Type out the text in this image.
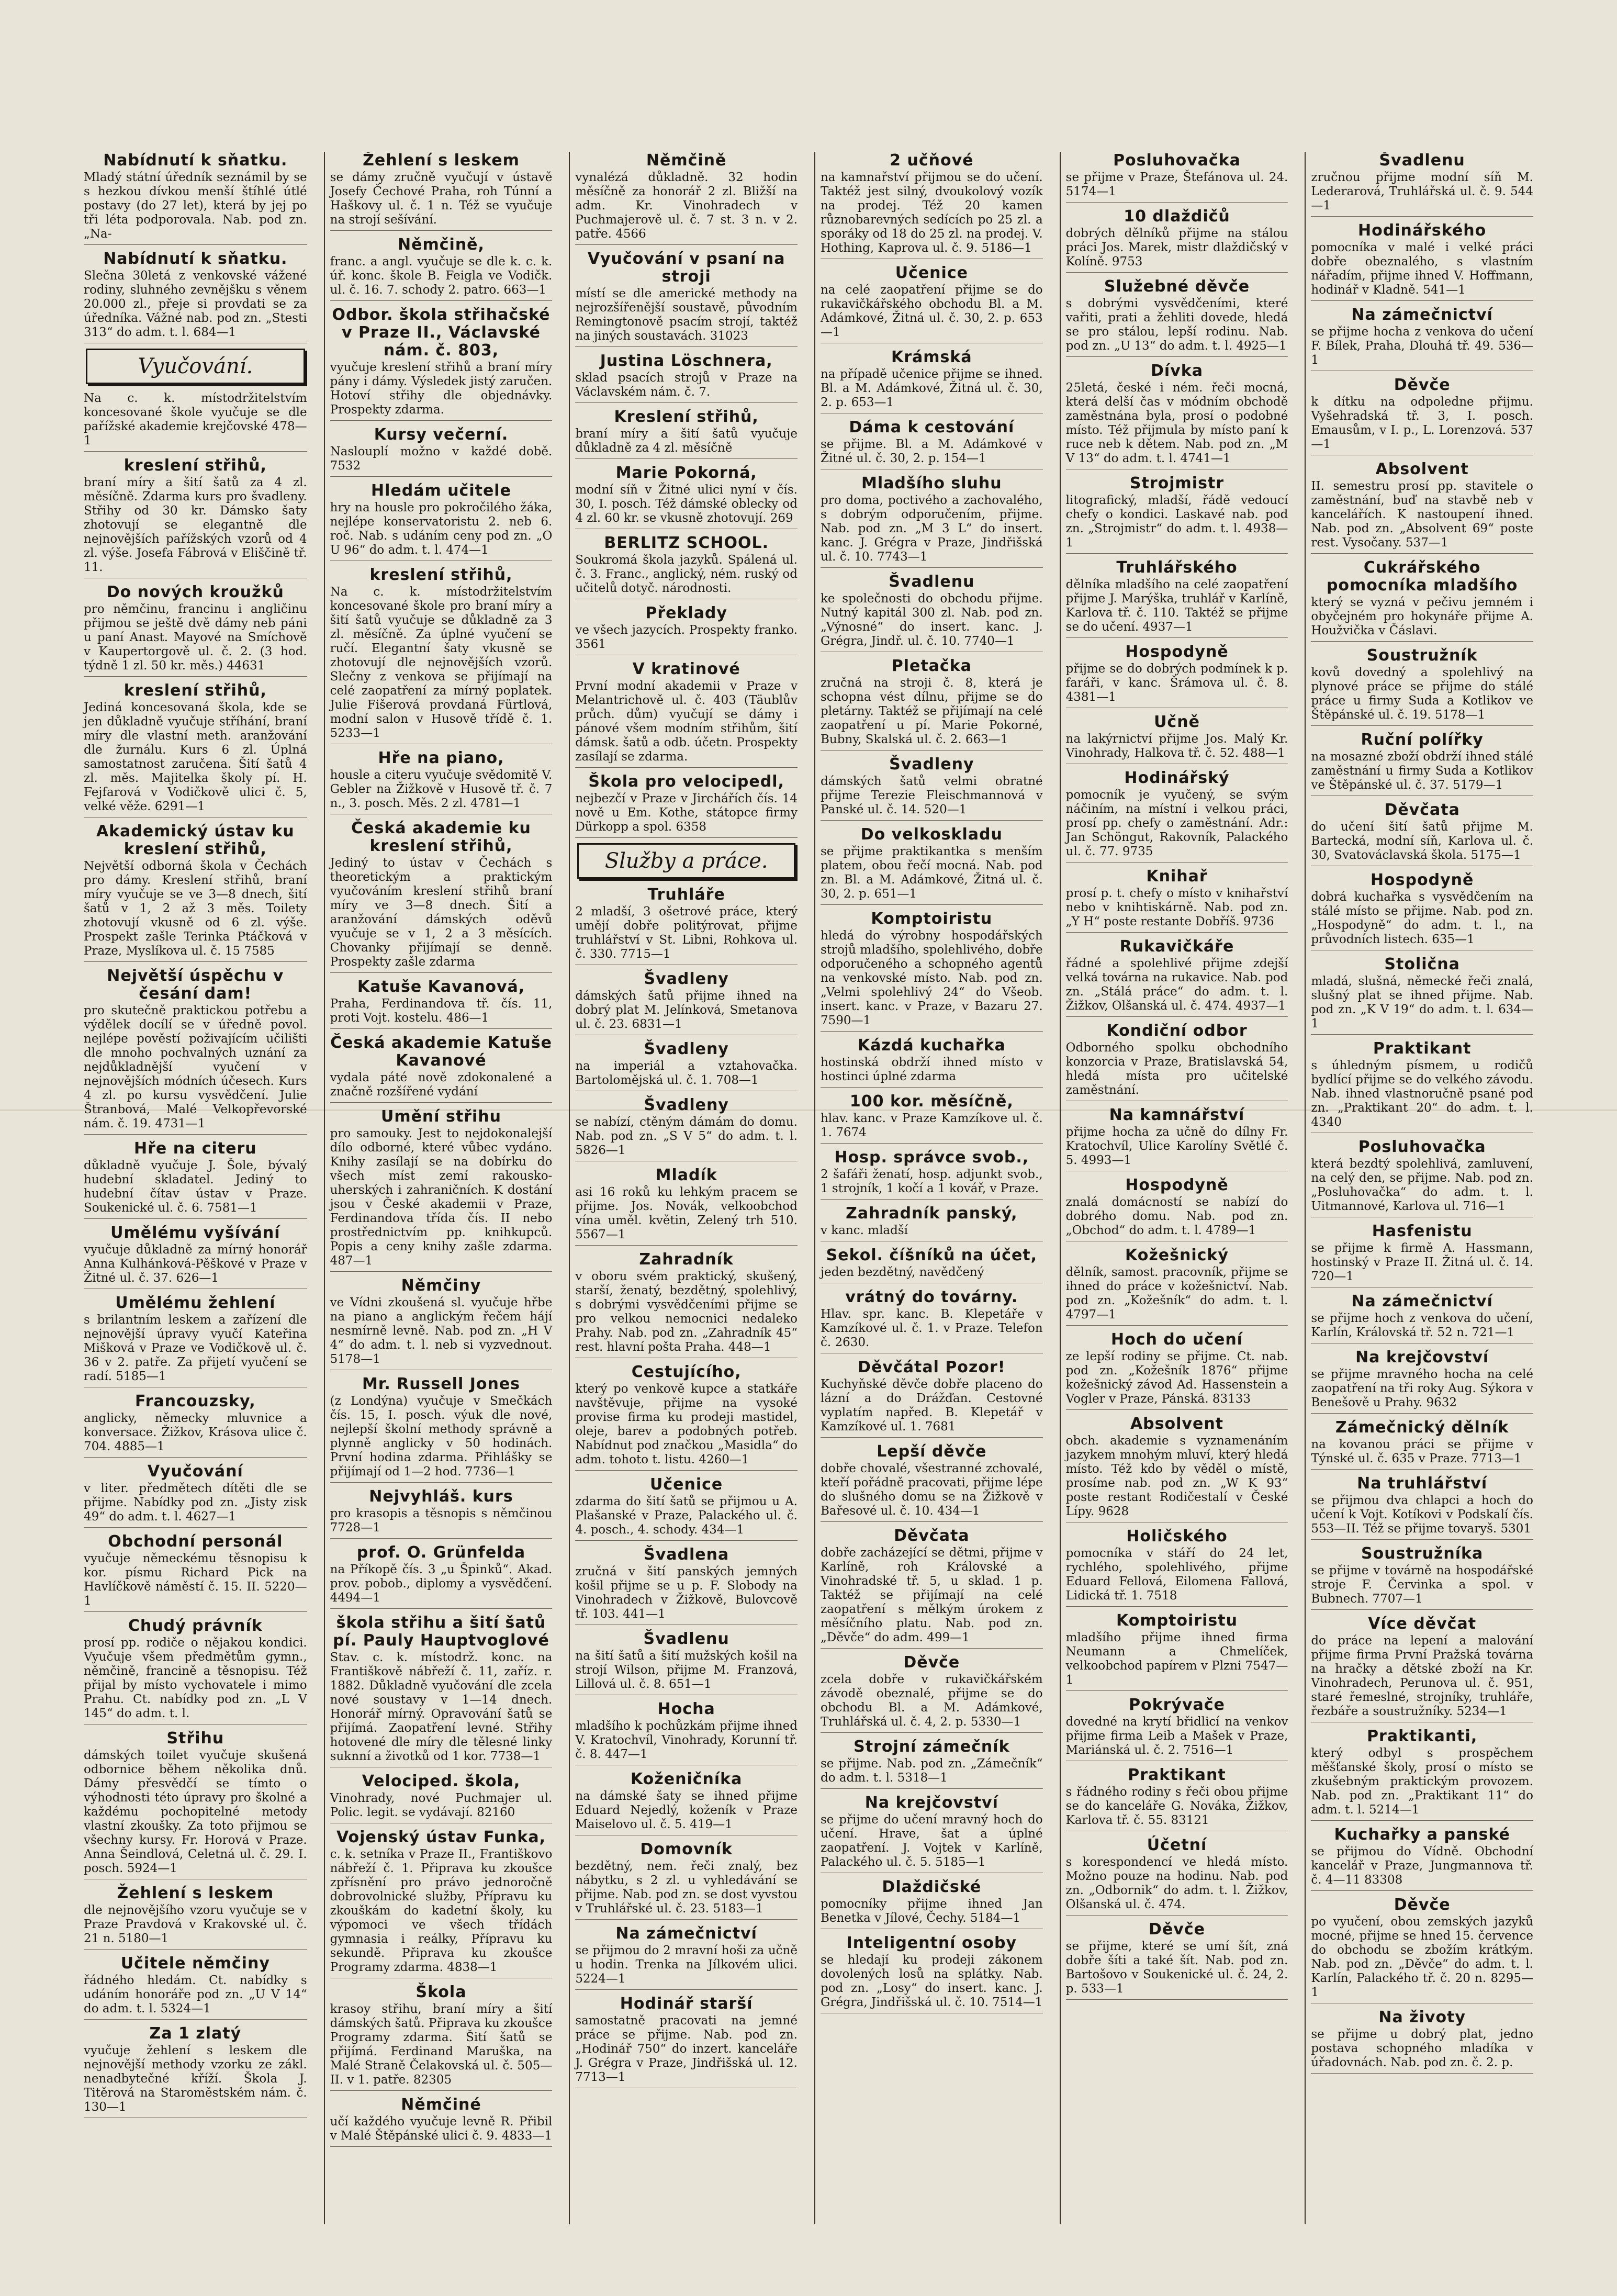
Nabídnutí k sňatku.

Mladý státní úředník seznámil by se s hezkou dívkou menší štíhlé útlé postavy (do 27 let), která by jej po tři léta podporovala. Nab. pod zn. „Na-

Nabídnutí k sňatku.

Slečna 30letá z venkovské vážené rodiny, sluhného zevnějšku s věnem 20.000 zl., přeje si provdati se za úředníka. Vážné nab. pod zn. „Stesti 313“ do adm. t. l. 684—1

Vyučování.

Na c. k. místodržitelstvím koncesované škole vyučuje se dle pařížské akademie krejčovské 478—1

kreslení střihů,

braní míry a šití šatů za 4 zl. měsíčně. Zdarma kurs pro švadleny. Střihy od 30 kr. Dámsko šaty zhotovují se elegantně dle nejnovějších pařížských vzorů od 4 zl. výše. Josefa Fábrová v Eliščině tř. 11.

Do nových kroužků

pro němčinu, francinu i angličinu přijmou se ještě dvě dámy neb páni u paní Anast. Mayové na Smíchově v Kaupertorgově ul. č. 2. (3 hod. týdně 1 zl. 50 kr. měs.) 44631

kreslení střihů,

Jediná koncesovaná škola, kde se jen důkladně vyučuje stříhání, braní míry dle vlastní meth. aranžování dle žurnálu. Kurs 6 zl. Úplná samostatnost zaručena. Šití šatů 4 zl. měs. Majitelka školy pí. H. Fejfarová v Vodičkově ulici č. 5, velké věže. 6291—1

Akademický ústav ku kreslení střihů,

Největší odborná škola v Čechách pro dámy. Kreslení střihů, braní míry vyučuje se ve 3—8 dnech, šití šatů v 1, 2 až 3 měs. Toilety zhotovují vkusně od 6 zl. výše. Prospekt zašle Terinka Ptáčková v Praze, Myslíkova ul. č. 15 7585

Největší úspěchu v česání dam!

pro skutečně praktickou potřebu a výdělek docílí se v úředně povol. nejlépe pověstí poživajícím učilišti dle mnoho pochvalných uznání za nejdůkladnější vyučení v nejnovějších módních účesech. Kurs 4 zl. po kursu vysvědčení. Julie Štranbová, Malé Velkopřevorské nám. č. 19. 4731—1

Hře na citeru

důkladně vyučuje J. Šole, bývalý hudební skladatel. Jediný to hudební čítav ústav v Praze. Soukenické ul. č. 6. 7581—1

Umělému vyšívání

vyučuje důkladně za mírný honorář Anna Kulhánková-Pěškové v Praze v Žitné ul. č. 37. 626—1

Umělému žehlení

s brilantním leskem a zařízení dle nejnovější úpravy vyučí Kateřina Mišková v Praze ve Vodičkově ul. č. 36 v 2. patře. Za přijetí vyučení se radí. 5185—1

Francouzsky,

anglicky, německy mluvnice a konversace. Žižkov, Krásova ulice č. 704. 4885—1

Vyučování

v liter. předmětech dítěti dle se přijme. Nabídky pod zn. „Jisty zisk 49“ do adm. t. l. 4627—1

Obchodní personál

vyučuje německému těsnopisu k kor. písmu Richard Pick na Havlíčkově náměstí č. 15. II. 5220—1

Chudý právník

prosí pp. rodiče o nějakou kondici. Vyučuje všem předmětům gymn., němčině, francině a těsnopisu. Též přijal by místo vychovatele i mimo Prahu. Ct. nabídky pod zn. „L V 145“ do adm. t. l.

Střihu

dámských toilet vyučuje skušená odbornice během několika dnů. Dámy přesvědčí se tímto o výhodnosti této úpravy pro školné a každému pochopitelné metody vlastní zkoušky. Za toto přijmou se všechny kursy. Fr. Horová v Praze. Anna Šeindlová, Celetná ul. č. 29. I. posch. 5924—1

Žehlení s leskem

dle nejnovějšího vzoru vyučuje se v Praze Pravdová v Krakovské ul. č. 21 n. 5180—1

Učitele němčiny

řádného hledám. Ct. nabídky s udáním honoráře pod zn. „U V 14“ do adm. t. l. 5324—1

Za 1 zlatý

vyučuje žehlení s leskem dle nejnovější methody vzorku ze zákl. nenadbytečné kříží. Škola J. Titěrová na Staroměstském nám. č. 130—1

Žehlení s leskem

se dámy zručně vyučují v ústavě Josefy Čechové Praha, roh Túnní a Haškovy ul. č. 1 n. Též se vyučuje na strojí sešívání.

Němčině,

franc. a angl. vyučuje se dle k. c. k. úř. konc. škole B. Feigla ve Vodičk. ul. č. 16. 7. schody 2. patro. 663—1

Odbor. škola střihačské v Praze II., Václavské nám. č. 803,

vyučuje kreslení střihů a braní míry pány i dámy. Výsledek jistý zaručen. Hotoví střihy dle objednávky. Prospekty zdarma.

Kursy večerní.

Naslouplí možno v každé době. 7532

Hledám učitele

hry na housle pro pokročilého žáka, nejlépe konservatoristu 2. neb 6. roč. Nab. s udáním ceny pod zn. „O U 96“ do adm. t. l. 474—1

kreslení střihů,

Na c. k. místodržitelstvím koncesované škole pro braní míry a šití šatů vyučuje se důkladně za 3 zl. měsíčně. Za úplné vyučení se ručí. Elegantní šaty vkusně se zhotovují dle nejnovějších vzorů. Slečny z venkova se přijímají na celé zaopatření za mírný poplatek. Julie Fišerová provdaná Fürtlová, modní salon v Husově třídě č. 1. 5233—1

Hře na piano,

housle a citeru vyučuje svědomitě V. Gebler na Žižkově v Husově tř. č. 7 n., 3. posch. Měs. 2 zl. 4781—1

Česká akademie ku kreslení střihů,

Jediný to ústav v Čechách s theoretickým a praktickým vyučováním kreslení střihů braní míry ve 3—8 dnech. Šití a aranžování dámských oděvů vyučuje se v 1, 2 a 3 měsících. Chovanky přijímají se denně. Prospekty zašle zdarma

Katuše Kavanová,

Praha, Ferdinandova tř. čís. 11, proti Vojt. kostelu. 486—1

Česká akademie Katuše Kavanové

vydala páté nově zdokonalené a značně rozšířené vydání

Umění střihu

pro samouky. Jest to nejdokonalejší dílo odborné, které vůbec vydáno. Knihy zasílají se na dobírku do všech míst zemí rakousko-uherských i zahraničních. K dostání jsou v České akademii v Praze, Ferdinandova třída čís. II nebo prostřednictvím pp. knihkupců. Popis a ceny knihy zašle zdarma. 487—1

Němčiny

ve Vídni zkoušená sl. vyučuje hřbe na piano a anglickým řečem hájí nesmírně levně. Nab. pod zn. „H V 4“ do adm. t. l. neb si vyzvednout. 5178—1

Mr. Russell Jones

(z Londýna) vyučuje v Smečkách čís. 15, I. posch. výuk dle nové, nejlepší školní methody správně a plynně anglicky v 50 hodinách. První hodina zdarma. Přihlášky se přijímají od 1—2 hod. 7736—1

Nejvyhláš. kurs

pro krasopis a těsnopis s němčinou 7728—1

prof. O. Grünfelda

na Příkopě čís. 3 „u Špinků“. Akad. prov. pobob., diplomy a vysvědčení. 4494—1

škola střihu a šití šatů pí. Pauly Hauptvoglové

Stav. c. k. místodrž. konc. na Františkově nábřeží č. 11, zaříz. r. 1882. Důkladně vyučování dle zcela nové soustavy v 1—14 dnech. Honorář mírný. Opravování šatů se přijímá. Zaopatření levné. Střihy hotovené dle míry dle tělesné linky suknní a životků od 1 kor. 7738—1

Velociped. škola,

Vinohrady, nové Puchmajer ul. Polic. legit. se vydávají. 82160

Vojenský ústav Funka,

c. k. setníka v Praze II., Františkovo nábřeží č. 1. Připrava ku zkoušce zpřísnění pro právo jednoročně dobrovolnické služby, Přípravu ku zkouškám do kadetní školy, ku výpomoci ve všech třídách gymnasia i reálky, Přípravu ku sekundě. Připrava ku zkoušce Programy zdarma. 4838—1

Škola

krasoy střihu, braní míry a šití dámských šatů. Připrava ku zkoušce Programy zdarma. Šití šatů se přijímá. Ferdinand Maruška, na Malé Straně Čelakovská ul. č. 505—II. v 1. patře. 82305

Němčiné

učí každého vyučuje levně R. Přibil v Malé Štěpánské ulici č. 9. 4833—1

Němčině

vynalézá důkladně. 32 hodin měsíčně za honorář 2 zl. Bližší na adm. Kr. Vinohradech v Puchmajerově ul. č. 7 st. 3 n. v 2. patře. 4566

Vyučování v psaní na stroji

místí se dle americké methody na nejrozšířenější soustavě, původním Remingtonově psacím strojí, taktéž na jiných soustavách. 31023

Justina Löschnera,

sklad psacích strojů v Praze na Václavském nám. č. 7.

Kreslení střihů,

braní míry a šití šatů vyučuje důkladně za 4 zl. měsíčně

Marie Pokorná,

modní síň v Žitné ulici nyní v čís. 30, I. posch. Též dámské oblecky od 4 zl. 60 kr. se vkusně zhotovují. 269

BERLITZ SCHOOL.

Soukromá škola jazyků. Spálená ul. č. 3. Franc., anglický, ném. ruský od učitelů dotyč. národnosti.

Překlady

ve všech jazycích. Prospekty franko. 3561

V kratinové

První modní akademii v Praze v Melantrichově ul. č. 403 (Täublův průch. dům) vyučují se dámy i pánové všem modním střihům, šití dámsk. šatů a odb. účetn. Prospekty zasílají se zdarma.

Škola pro velocipedl,

nejbezčí v Praze v Jirchářích čís. 14 nově u Em. Kothe, státopce firmy Dürkopp a spol. 6358

Služby a práce.
Truhláře

2 mladší, 3 ošetrové práce, který umějí dobře politýrovat, přijme truhlářství v St. Libni, Rohkova ul. č. 330. 7715—1

Švadleny

dámských šatů přijme ihned na dobrý plat M. Jelínková, Smetanova ul. č. 23. 6831—1

Švadleny

na imperiál a vztahovačka. Bartolomějská ul. č. 1. 708—1

Švadleny

se nabízí, ctěným dámám do domu. Nab. pod zn. „S V 5“ do adm. t. l. 5826—1

Mladík

asi 16 roků ku lehkým pracem se přijme. Jos. Novák, velkoobchod vína uměl. květin, Zelený trh 510. 5567—1

Zahradník

v oboru svém praktický, skušený, starší, ženatý, bezdětný, spolehlivý, s dobrými vysvědčeními přijme se pro velkou nemocnici nedaleko Prahy. Nab. pod zn. „Zahradník 45“ rest. hlavní pošta Praha. 448—1

Cestujícího,

který po venkově kupce a statkáře navštěvuje, přijme na vysoké provise firma ku prodeji mastidel, oleje, barev a podobných potřeb. Nabídnut pod značkou „Masidla“ do adm. tohoto t. listu. 4260—1

Učenice

zdarma do šití šatů se přijmou u A. Plašanské v Praze, Palackého ul. č. 4. posch., 4. schody. 434—1

Švadlena

zručná v šití panských jemných košil přijme se u p. F. Slobody na Vinohradech v Žižkově, Bulovcově tř. 103. 441—1

Švadlenu

na šití šatů a šití mužských košil na strojí Wilson, přijme M. Franzová, Lillová ul. č. 8. 651—1

Hocha

mladšího k pochůzkám přijme ihned V. Kratochvíl, Vinohrady, Korunní tř. č. 8. 447—1

Koženičníka

na dámské šaty se ihned přijme Eduard Nejedlý, koženík v Praze Maiselovo ul. č. 5. 419—1

Domovník

bezdětný, nem. řeči znalý, bez nábytku, s 2 zl. u vyhledávání se přijme. Nab. pod zn. se dost vyvstou v Truhlářské ul. č. 23. 5183—1

Na zámečnictví

se přijmou do 2 mravní hoši za učně u hodin. Trenka na Jílkovém ulici. 5224—1

Hodinář starší

samostatně pracovati na jemné práce se přijme. Nab. pod zn. „Hodinář 750“ do inzert. kanceláře J. Grégra v Praze, Jindřišská ul. 12. 7713—1

2 učňové

na kamnařství přijmou se do učení. Taktéž jest silný, dvoukolový vozík na prodej. Též 20 kamen různobarevných sedících po 25 zl. a sporáky od 18 do 25 zl. na prodej. V. Hothing, Kaprova ul. č. 9. 5186—1

Učenice

na celé zaopatření přijme se do rukavičkářského obchodu Bl. a M. Adámkové, Žitná ul. č. 30, 2. p. 653—1

Krámská

na případě učenice přijme se ihned. Bl. a M. Adámkové, Žitná ul. č. 30, 2. p. 653—1

Dáma k cestování

se přijme. Bl. a M. Adámkové v Žitné ul. č. 30, 2. p. 154—1

Mladšího sluhu

pro doma, poctivého a zachovalého, s dobrým odporučením, přijme. Nab. pod zn. „M 3 L“ do insert. kanc. J. Grégra v Praze, Jindřišská ul. č. 10. 7743—1

Švadlenu

ke společnosti do obchodu přijme. Nutný kapitál 300 zl. Nab. pod zn. „Výnosné“ do insert. kanc. J. Grégra, Jindř. ul. č. 10. 7740—1

Pletačka

zručná na stroji č. 8, která je schopna vést dílnu, přijme se do pletárny. Taktéž se přijímají na celé zaopatření u pí. Marie Pokorné, Bubny, Skalská ul. č. 2. 663—1

Švadleny

dámských šatů velmi obratné přijme Terezie Fleischmannová v Panské ul. č. 14. 520—1

Do velkoskladu

se přijme praktikantka s menším platem, obou řečí mocná. Nab. pod zn. Bl. a M. Adámkové, Žitná ul. č. 30, 2. p. 651—1

Komptoiristu

hledá do výrobny hospodářských strojů mladšího, spolehlivého, dobře odporučeného a schopného agentů na venkovské místo. Nab. pod zn. „Velmi spolehlivý 24“ do Všeob. insert. kanc. v Praze, v Bazaru 27. 7590—1

Kázdá kuchařka

hostinská obdrží ihned místo v hostinci úplné zdarma

100 kor. měsíčně,

hlav. kanc. v Praze Kamzíkove ul. č. 1. 7674

Hosp. správce svob.,

2 šafáři ženatí, hosp. adjunkt svob., 1 strojník, 1 kočí a 1 kovář, v Praze.

Zahradník panský,

v kanc. mladší

Sekol. číšníků na účet,

jeden bezdětný, navědčený

vrátný do továrny.

Hlav. spr. kanc. B. Klepetáře v Kamzíkové ul. č. 1. v Praze. Telefon č. 2630.

Děvčátal Pozor!

Kuchyňské děvče dobře placeno do lázní a do Drážďan. Cestovné vyplatím napřed. B. Klepetář v Kamzíkové ul. 1. 7681

Lepší děvče

dobře chovalé, všestranné zchovalé, kteří pořádně pracovati, přijme lépe do slušného domu se na Žižkově v Bařesové ul. č. 10. 434—1

Děvčata

dobře zacházející se dětmi, přijme v Karlíně, roh Královské a Vinohradské tř. 5, u sklad. 1 p. Taktéž se přijímají na celé zaopatření s mělkým úrokem z měsíčního platu. Nab. pod zn. „Děvče“ do adm. 499—1

Děvče

zcela dobře v rukavičkářském závodě obeznalé, přijme se do obchodu Bl. a M. Adámkové, Truhlářská ul. č. 4, 2. p. 5330—1

Strojní zámečník

se přijme. Nab. pod zn. „Zámečník“ do adm. t. l. 5318—1

Na krejčovství

se přijme do učení mravný hoch do učení. Hrave, šat a úplné zaopatření. J. Vojtek v Karlíně, Palackého ul. č. 5. 5185—1

Dlaždičské

pomocníky přijme ihned Jan Benetka v Jílové, Čechy. 5184—1

Inteligentní osoby

se hledají ku prodeji zákonem dovolených losů na splátky. Nab. pod zn. „Losy“ do insert. kanc. J. Grégra, Jindřišská ul. č. 10. 7514—1

Posluhovačka

se přijme v Praze, Štefánova ul. 24. 5174—1

10 dlaždičů

dobrých dělníků přijme na stálou práci Jos. Marek, mistr dlaždičský v Kolíně. 9753

Služebné děvče

s dobrými vysvědčeními, které vařiti, prati a žehliti dovede, hledá se pro stálou, lepší rodinu. Nab. pod zn. „U 13“ do adm. t. l. 4925—1

Dívka

25letá, české i ném. řeči mocná, která delší čas v módním obchodě zaměstnána byla, prosí o podobné místo. Též přijmula by místo paní k ruce neb k dětem. Nab. pod zn. „M V 13“ do adm. t. l. 4741—1

Strojmistr

litografický, mladší, řádě vedoucí chefy o kondici. Laskavé nab. pod zn. „Strojmistr“ do adm. t. l. 4938—1

Truhlářského

dělníka mladšího na celé zaopatření přijme J. Marýška, truhlář v Karlíně, Karlova tř. č. 110. Taktéž se přijme se do učení. 4937—1

Hospodyně

přijme se do dobrých podmínek k p. faráři, v kanc. Šrámova ul. č. 8. 4381—1

Učně

na lakýrnictví přijme Jos. Malý Kr. Vinohrady, Halkova tř. č. 52. 488—1

Hodinářský

pomocník je vyučený, se svým náčiním, na místní i velkou práci, prosí pp. chefy o zaměstnání. Adr.: Jan Schöngut, Rakovník, Palackého ul. č. 77. 9735

Knihař

prosí p. t. chefy o místo v knihařství nebo v knihtiskárně. Nab. pod zn. „Y H“ poste restante Dobříš. 9736

Rukavičkáře

řádné a spolehlivé přijme zdejší velká továrna na rukavice. Nab. pod zn. „Stálá práce“ do adm. t. l. Žižkov, Olšanská ul. č. 474. 4937—1

Kondiční odbor

Odborného spolku obchodního konzorcia v Praze, Bratislavská 54, hledá místa pro učitelské zaměstnání.

Na kamnářství

přijme hocha za učně do dílny Fr. Kratochvíl, Ulice Karolíny Světlé č. 5. 4993—1

Hospodyně

znalá domácností se nabízí do dobrého domu. Nab. pod zn. „Obchod“ do adm. t. l. 4789—1

Kožešnický

dělník, samost. pracovník, přijme se ihned do práce v kožešnictví. Nab. pod zn. „Kožešník“ do adm. t. l. 4797—1

Hoch do učení

ze lepší rodiny se přijme. Ct. nab. pod zn. „Kožešník 1876“ přijme kožešnický závod Ad. Hassenstein a Vogler v Praze, Pánská. 83133

Absolvent

obch. akademie s vyznamenáním jazykem mnohým mluví, který hledá místo. Též kdo by věděl o místě, prosíme nab. pod zn. „W K 93“ poste restant Rodičestalí v České Lípy. 9628

Holičského

pomocníka v stáří do 24 let, rychlého, spolehlivého, přijme Eduard Fellová, Eilomena Fallová, Lidická tř. 1. 7518

Komptoiristu

mladšího přijme ihned firma Neumann a Chmelíček, velkoobchod papírem v Plzni 7547—1

Pokrývače

dovedné na krytí břidlicí na venkov přijme firma Leib a Mašek v Praze, Mariánská ul. č. 2. 7516—1

Praktikant

s řádného rodiny s řeči obou přijme se do kanceláře G. Nováka, Žižkov, Karlova tř. č. 55. 83121

Účetní

s korespondencí ve hledá místo. Možno pouze na hodinu. Nab. pod zn. „Odbornik“ do adm. t. l. Žižkov, Olšanská ul. č. 474.

Děvče

se přijme, které se umí šít, zná dobře šíti a také šít. Nab. pod zn. Bartošovo v Soukenické ul. č. 24, 2. p. 533—1

Švadlenu

zručnou přijme modní síň M. Lederarová, Truhlářská ul. č. 9. 544—1

Hodinářského

pomocníka v malé i velké práci dobře obeznalého, s vlastním nářadím, přijme ihned V. Hoffmann, hodinář v Kladně. 541—1

Na zámečnictví

se přijme hocha z venkova do učení F. Bílek, Praha, Dlouhá tř. 49. 536—1

Děvče

k dítku na odpoledne přijmu. Vyšehradská tř. 3, I. posch. Emausům, v I. p., L. Lorenzová. 537—1

Absolvent

II. semestru prosí pp. stavitele o zaměstnání, buď na stavbě neb v kancelářích. K nastoupení ihned. Nab. pod zn. „Absolvent 69“ poste rest. Vysočany. 537—1

Cukrářského pomocníka mladšího

který se vyzná v pečivu jemném i obyčejném pro hokynáře přijme A. Houžvička v Čáslavi.

Soustružník

kovů dovedný a spolehlivý na plynové práce se přijme do stálé práce u firmy Suda a Kotlikov ve Štěpánské ul. č. 19. 5178—1

Ruční polířky

na mosazné zboží obdrží ihned stálé zaměstnání u firmy Suda a Kotlikov ve Štěpánské ul. č. 37. 5179—1

Děvčata

do učení šití šatů přijme M. Bartecká, modní síň, Karlova ul. č. 30, Svatováclavská škola. 5175—1

Hospodyně

dobrá kuchařka s vysvědčením na stálé místo se přijme. Nab. pod zn. „Hospodyně“ do adm. t. l., na průvodních listech. 635—1

Stolična

mladá, slušná, německé řeči znalá, slušný plat se ihned přijme. Nab. pod zn. „K V 19“ do adm. t. l. 634—1

Praktikant

s úhledným písmem, u rodičů bydlící přijme se do velkého závodu. Nab. ihned vlastnoručně psané pod zn. „Praktikant 20“ do adm. t. l. 4340

Posluhovačka

která bezdtý spolehlivá, zamluvení, na celý den, se přijme. Nab. pod zn. „Posluhovačka“ do adm. t. l. Uitmannové, Karlova ul. 716—1

Hasfenistu

se přijme k firmě A. Hassmann, hostinský v Praze II. Žitná ul. č. 14. 720—1

Na zámečnictví

se přijme hoch z venkova do učení, Karlín, Královská tř. 52 n. 721—1

Na krejčovství

se přijme mravného hocha na celé zaopatření na tři roky Aug. Sýkora v Benešově u Prahy. 9632

Zámečnický dělník

na kovanou práci se přijme v Týnské ul. č. 635 v Praze. 7713—1

Na truhlářství

se přijmou dva chlapci a hoch do učení k Vojt. Kotíkovi v Podskalí čís. 553—II. Též se přijme tovaryš. 5301

Soustružníka

se přijme v továrně na hospodářské stroje F. Červinka a spol. v Bubnech. 7707—1

Více děvčat

do práce na lepení a malování přijme firma První Pražská továrna na hračky a dětské zboží na Kr. Vinohradech, Perunova ul. č. 951, staré řemeslné, strojníky, truhláře, řezbáře a soustružníky. 5234—1

Praktikanti,

který odbyl s prospěchem měšťanské školy, prosí o místo se zkušebným praktickým provozem. Nab. pod zn. „Praktikant 11“ do adm. t. l. 5214—1

Kuchařky a panské

se přijmou do Vídně. Obchodní kancelář v Praze, Jungmannova tř. č. 4—11 83308

Děvče

po vyučení, obou zemských jazyků mocné, přijme se hned 15. července do obchodu se zbožím krátkým. Nab. pod zn. „Děvče“ do adm. t. l. Karlín, Palackého tř. č. 20 n. 8295—1

Na životy

se přijme u dobrý plat, jedno postava schopného mladíka v úřadovnách. Nab. pod zn. č. 2. p.
